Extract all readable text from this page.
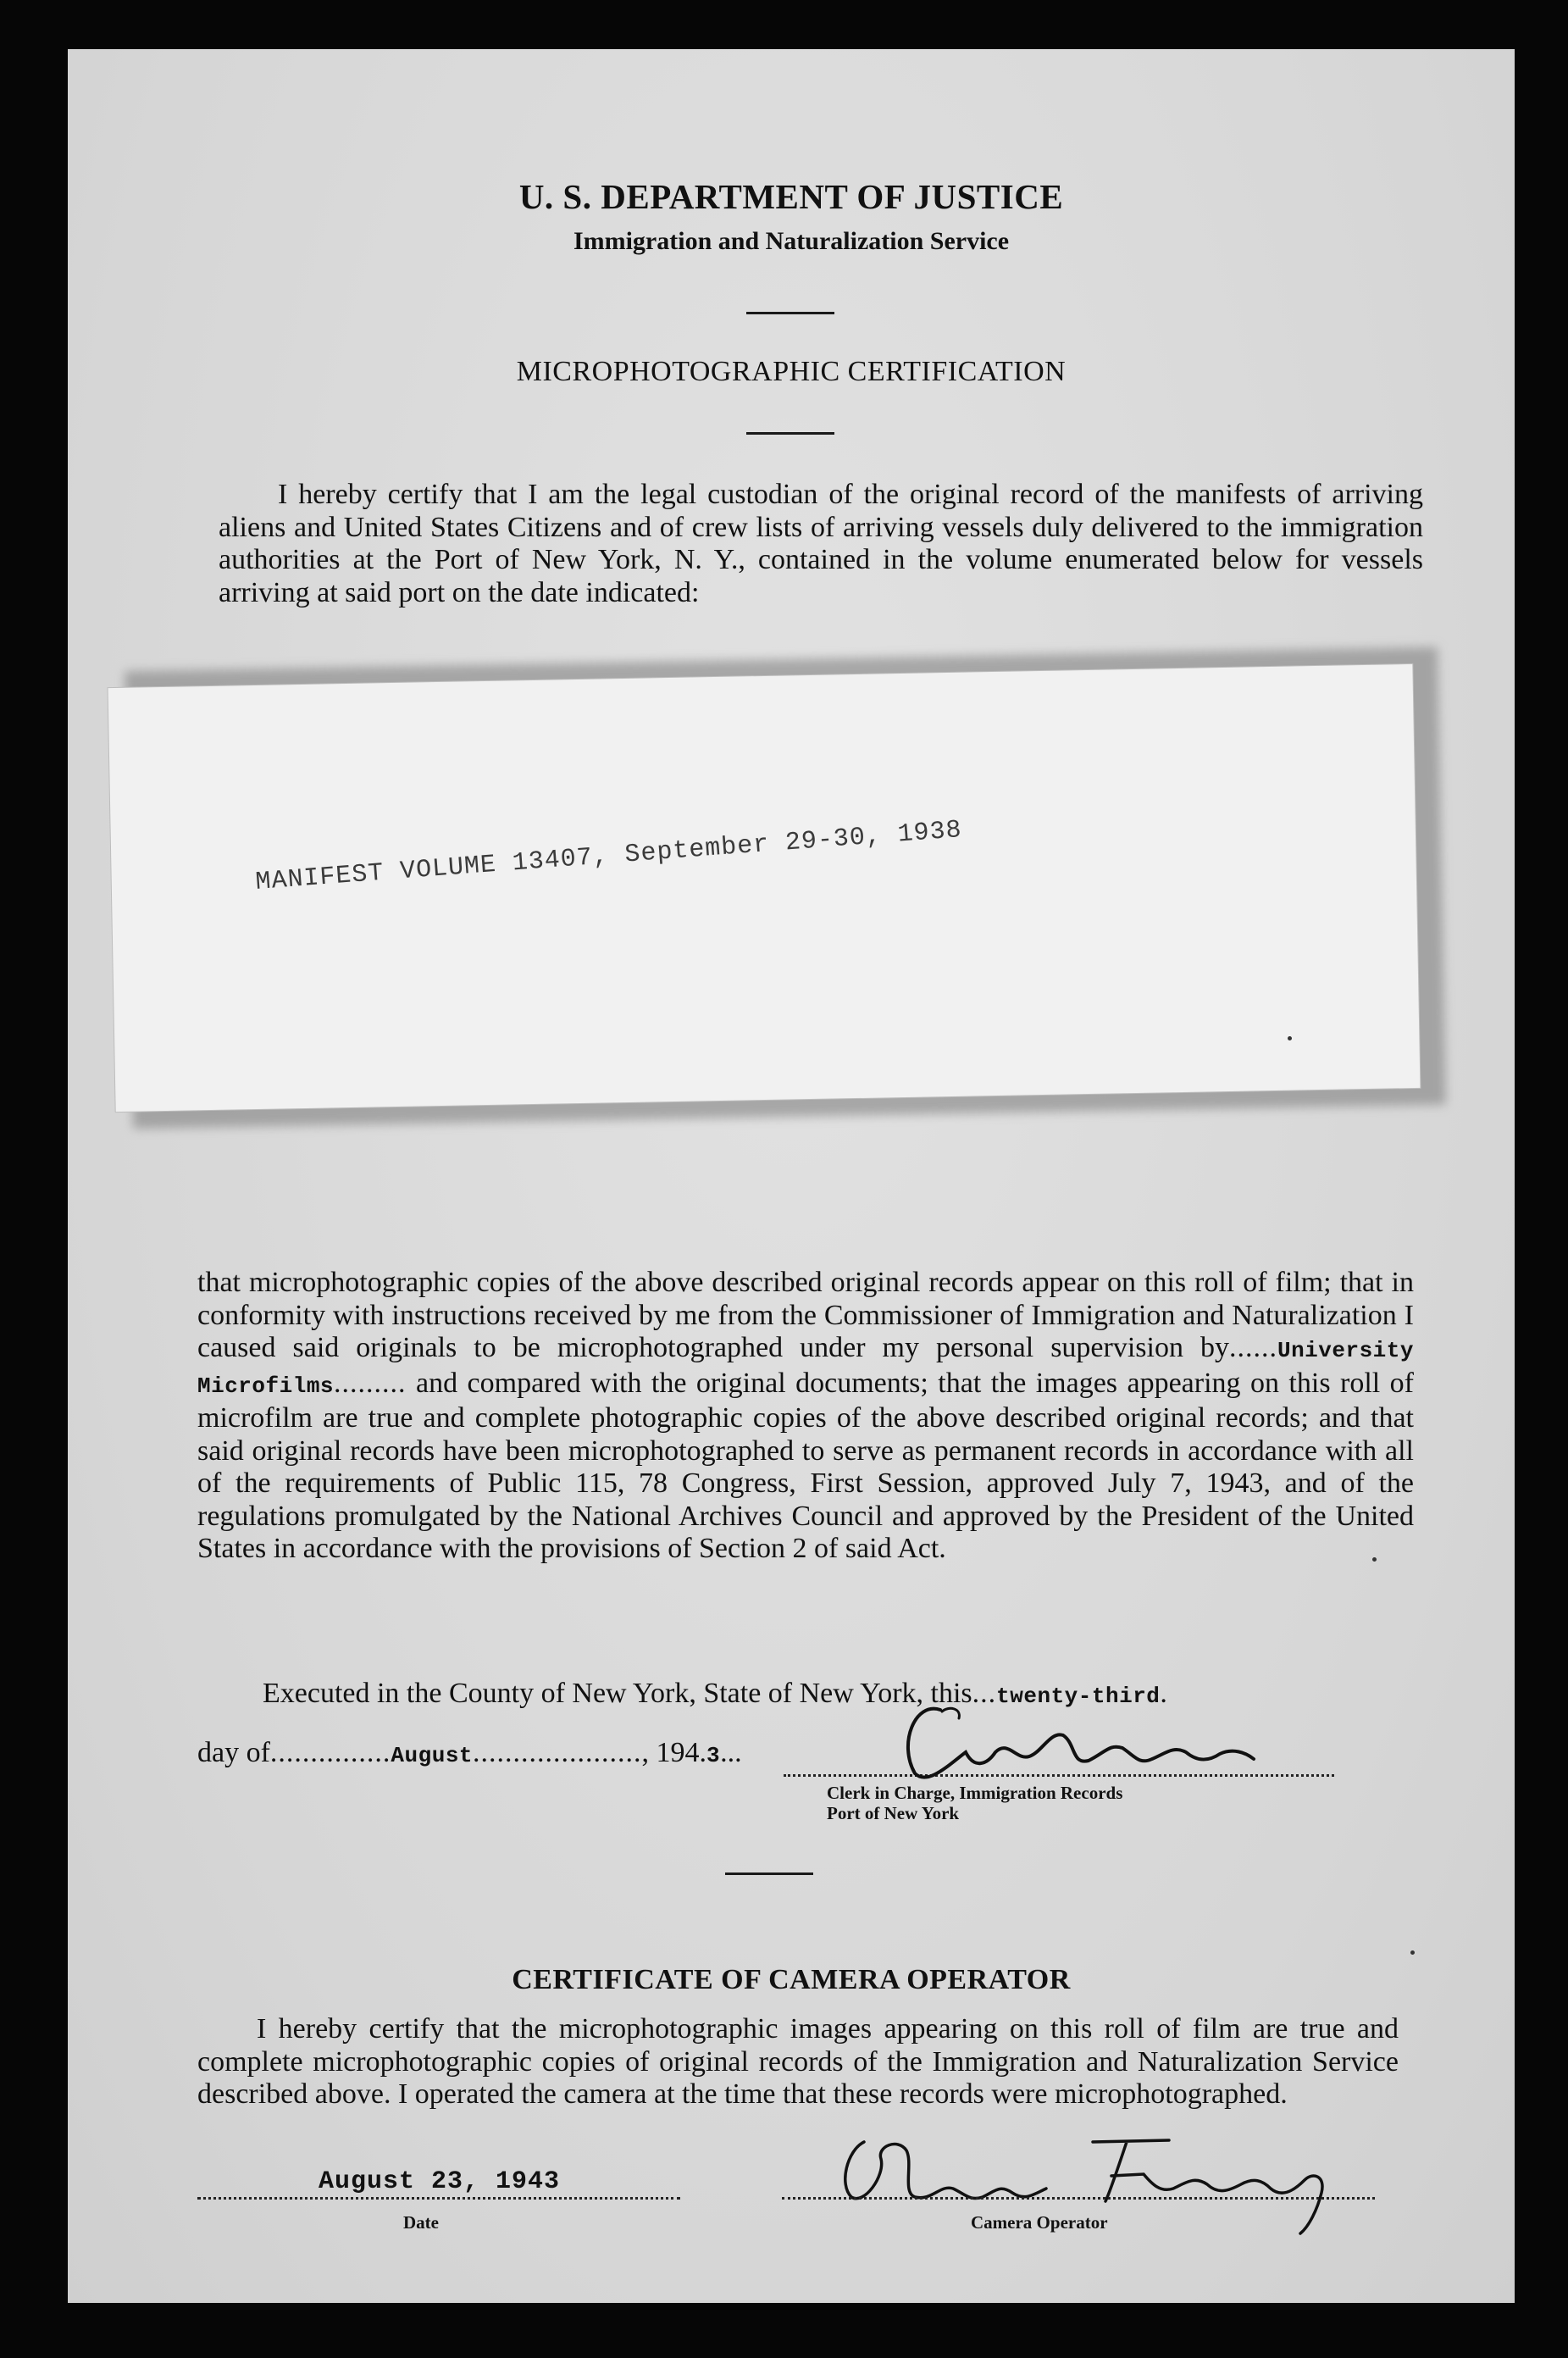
U. S. DEPARTMENT OF JUSTICE
Immigration and Naturalization Service
MICROPHOTOGRAPHIC CERTIFICATION
I hereby certify that I am the legal custodian of the original record of the manifests of arriving aliens and United States Citizens and of crew lists of arriving vessels duly delivered to the immigration authorities at the Port of New York, N. Y., contained in the volume enumerated below for vessels arriving at said port on the date indicated:
MANIFEST VOLUME 13407, September 29-30, 1938
that microphotographic copies of the above described original records appear on this roll of film; that in conformity with instructions received by me from the Commissioner of Immigration and Naturalization I caused said originals to be microphotographed under my personal supervision by......University Microfilms......... and compared with the original documents; that the images appearing on this roll of microfilm are true and complete photographic copies of the above described original records; and that said original records have been microphotographed to serve as permanent records in accordance with all of the requirements of Public 115, 78 Congress, First Session, approved July 7, 1943, and of the regulations promulgated by the National Archives Council and approved by the President of the United States in accordance with the provisions of Section 2 of said Act.
Executed in the County of New York, State of New York, this...twenty-third.
day of...............August....................., 194.3...
Clerk in Charge, Immigration Records
Port of New York
CERTIFICATE OF CAMERA OPERATOR
I hereby certify that the microphotographic images appearing on this roll of film are true and complete microphotographic copies of original records of the Immigration and Naturalization Service described above. I operated the camera at the time that these records were microphotographed.
August 23, 1943
Date	Camera Operator
